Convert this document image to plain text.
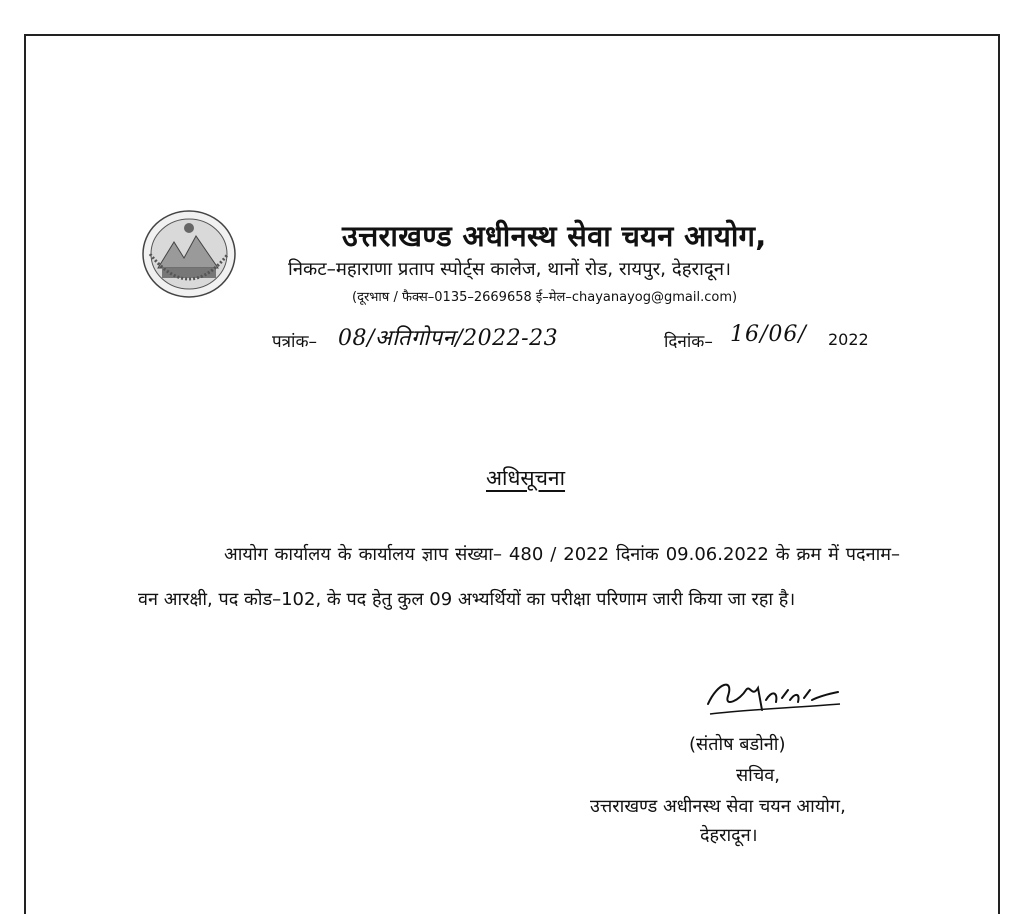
उत्तराखण्ड अधीनस्थ सेवा चयन आयोग,
निकट–महाराणा प्रताप स्पोर्ट्स कालेज, थानों रोड, रायपुर, देहरादून।
(दूरभाष / फैक्स–0135–2669658 ई–मेल–chayanayog@gmail.com)
पत्रांक– 08/अतिगोपन/2022-23	दिनांक– 16/06/ 2022
अधिसूचना

आयोग कार्यालय के कार्यालय ज्ञाप संख्या– 480 / 2022 दिनांक 09.06.2022 के क्रम में पदनाम–वन आरक्षी, पद कोड–102, के पद हेतु कुल 09 अभ्यर्थियों का परीक्षा परिणाम जारी किया जा रहा है।

(संतोष बडोनी)
सचिव,
उत्तराखण्ड अधीनस्थ सेवा चयन आयोग,
देहरादून।
